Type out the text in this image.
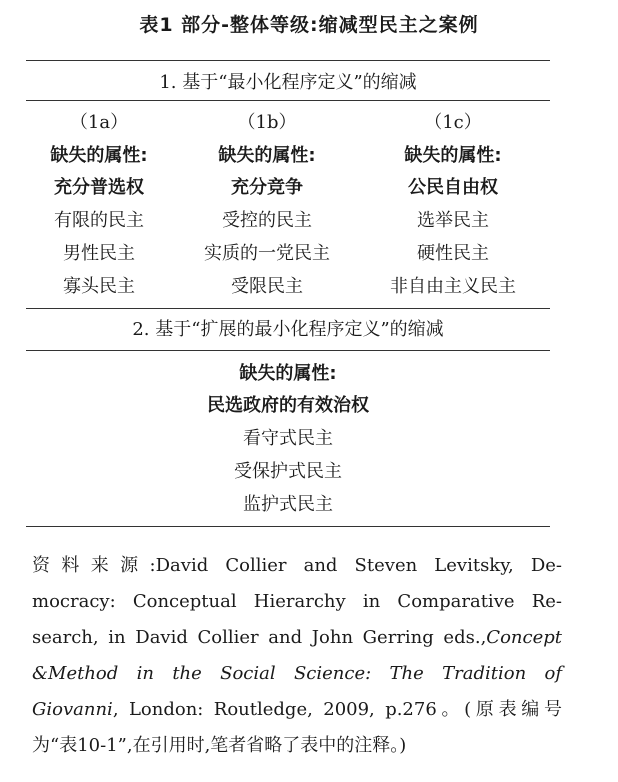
表1 部分-整体等级:缩减型民主之案例
1. 基于“最小化程序定义”的缩减
（1a）
缺失的属性:
充分普选权
有限的民主
男性民主
寡头民主
（1b）
缺失的属性:
充分竞争
受控的民主
实质的一党民主
受限民主
（1c）
缺失的属性:
公民自由权
选举民主
硬性民主
非自由主义民主
2. 基于“扩展的最小化程序定义”的缩减
缺失的属性:
民选政府的有效治权
看守式民主
受保护式民主
监护式民主
资料来源:David Collier and Steven Levitsky, De-
mocracy: Conceptual Hierarchy in Comparative Re-
search, in David Collier and John Gerring eds.,Concept
&Method in the Social Science: The Tradition of
Giovanni, London: Routledge, 2009, p.276。(原表编号
为“表10-1”,在引用时,笔者省略了表中的注释。)
